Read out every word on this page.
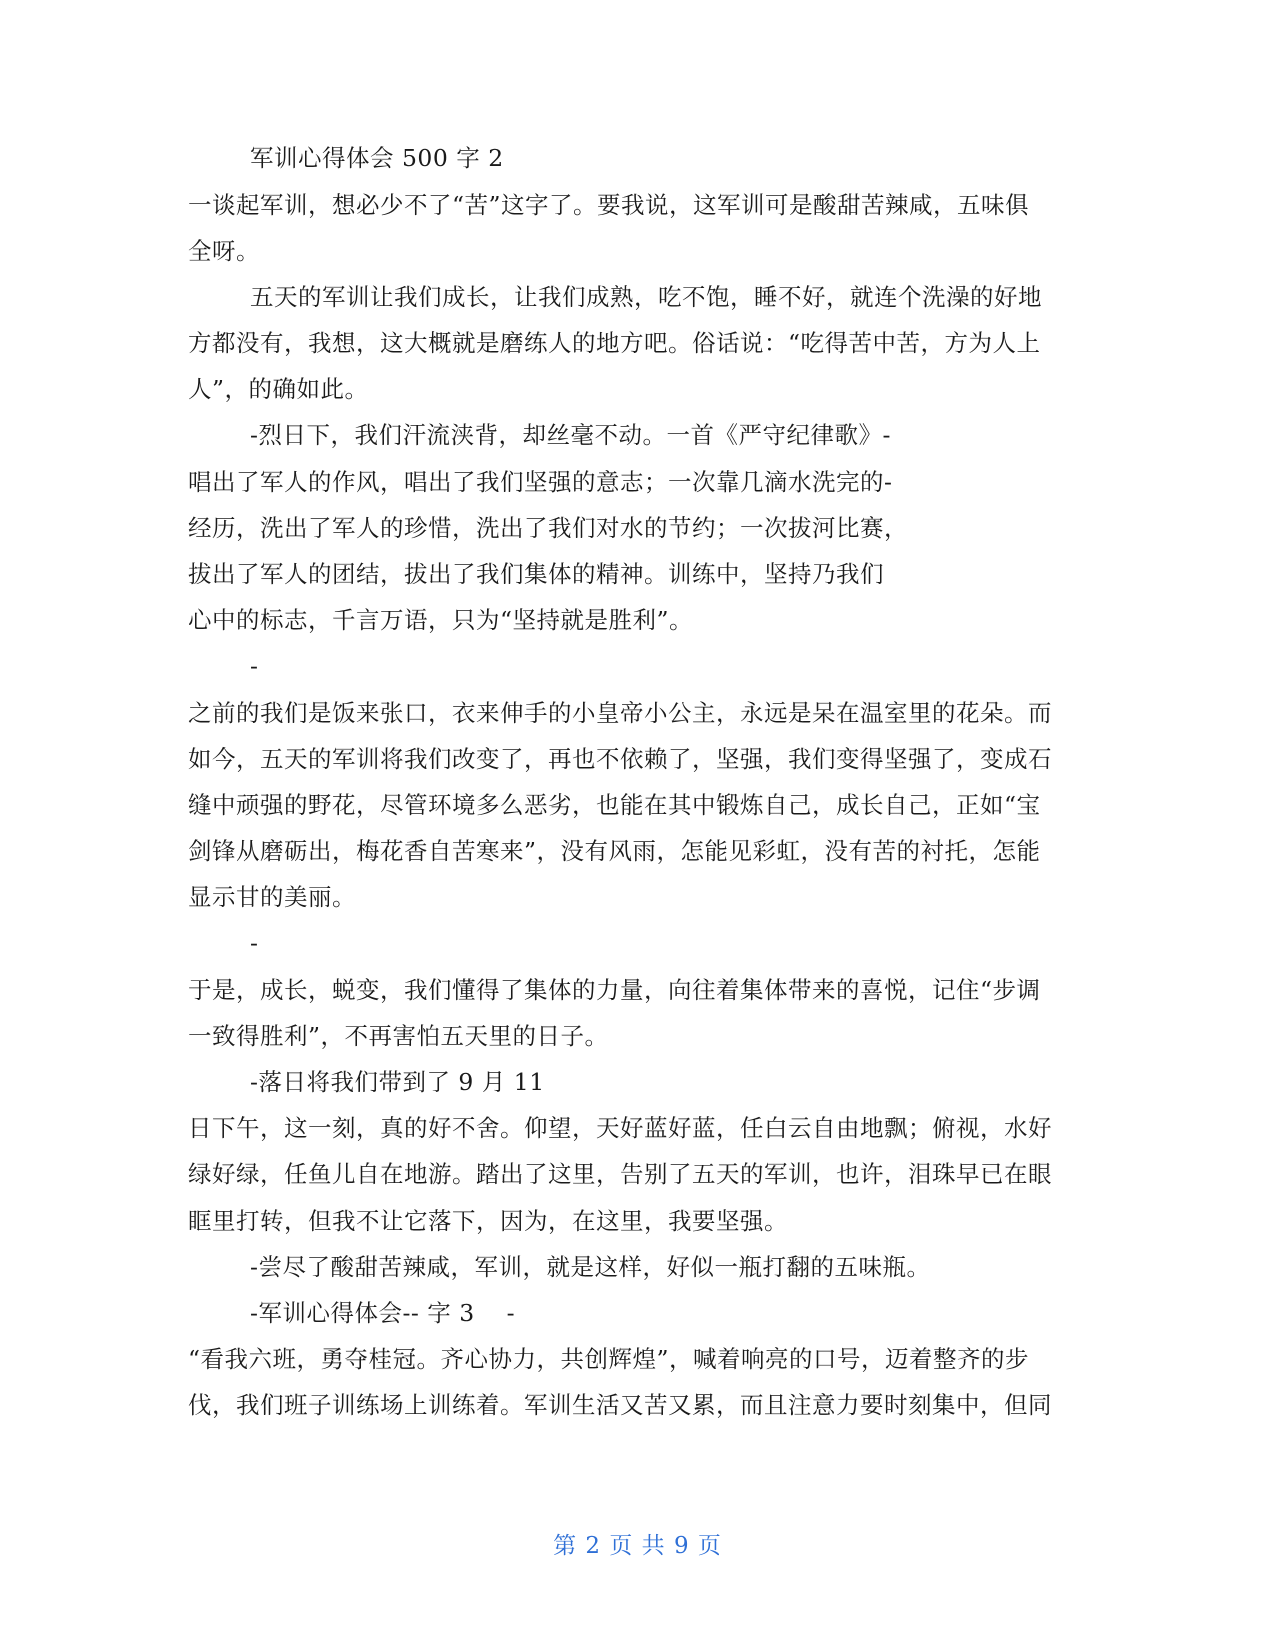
军训心得体会 500 字 2
一谈起军训，想必少不了“苦”这字了。要我说，这军训可是酸甜苦辣咸，五味俱
全呀。
五天的军训让我们成长，让我们成熟，吃不饱，睡不好，就连个洗澡的好地
方都没有，我想，这大概就是磨练人的地方吧。俗话说：“吃得苦中苦，方为人上
人”，的确如此。
-烈日下，我们汗流浃背，却丝毫不动。一首《严守纪律歌》-
唱出了军人的作风，唱出了我们坚强的意志；一次靠几滴水洗完的-
经历，洗出了军人的珍惜，洗出了我们对水的节约；一次拔河比赛，
拔出了军人的团结，拔出了我们集体的精神。训练中，坚持乃我们
心中的标志，千言万语，只为“坚持就是胜利”。
-
之前的我们是饭来张口，衣来伸手的小皇帝小公主，永远是呆在温室里的花朵。而
如今，五天的军训将我们改变了，再也不依赖了，坚强，我们变得坚强了，变成石
缝中顽强的野花，尽管环境多么恶劣，也能在其中锻炼自己，成长自己，正如“宝
剑锋从磨砺出，梅花香自苦寒来”，没有风雨，怎能见彩虹，没有苦的衬托，怎能
显示甘的美丽。
-
于是，成长，蜕变，我们懂得了集体的力量，向往着集体带来的喜悦，记住“步调
一致得胜利”，不再害怕五天里的日子。
-落日将我们带到了 9 月 11
日下午，这一刻，真的好不舍。仰望，天好蓝好蓝，任白云自由地飘；俯视，水好
绿好绿，任鱼儿自在地游。踏出了这里，告别了五天的军训，也许，泪珠早已在眼
眶里打转，但我不让它落下，因为，在这里，我要坚强。
-尝尽了酸甜苦辣咸，军训，就是这样，好似一瓶打翻的五味瓶。
-军训心得体会-- 字 3　 -
“看我六班，勇夺桂冠。齐心协力，共创辉煌”，喊着响亮的口号，迈着整齐的步
伐，我们班子训练场上训练着。军训生活又苦又累，而且注意力要时刻集中，但同
第 2 页 共 9 页
